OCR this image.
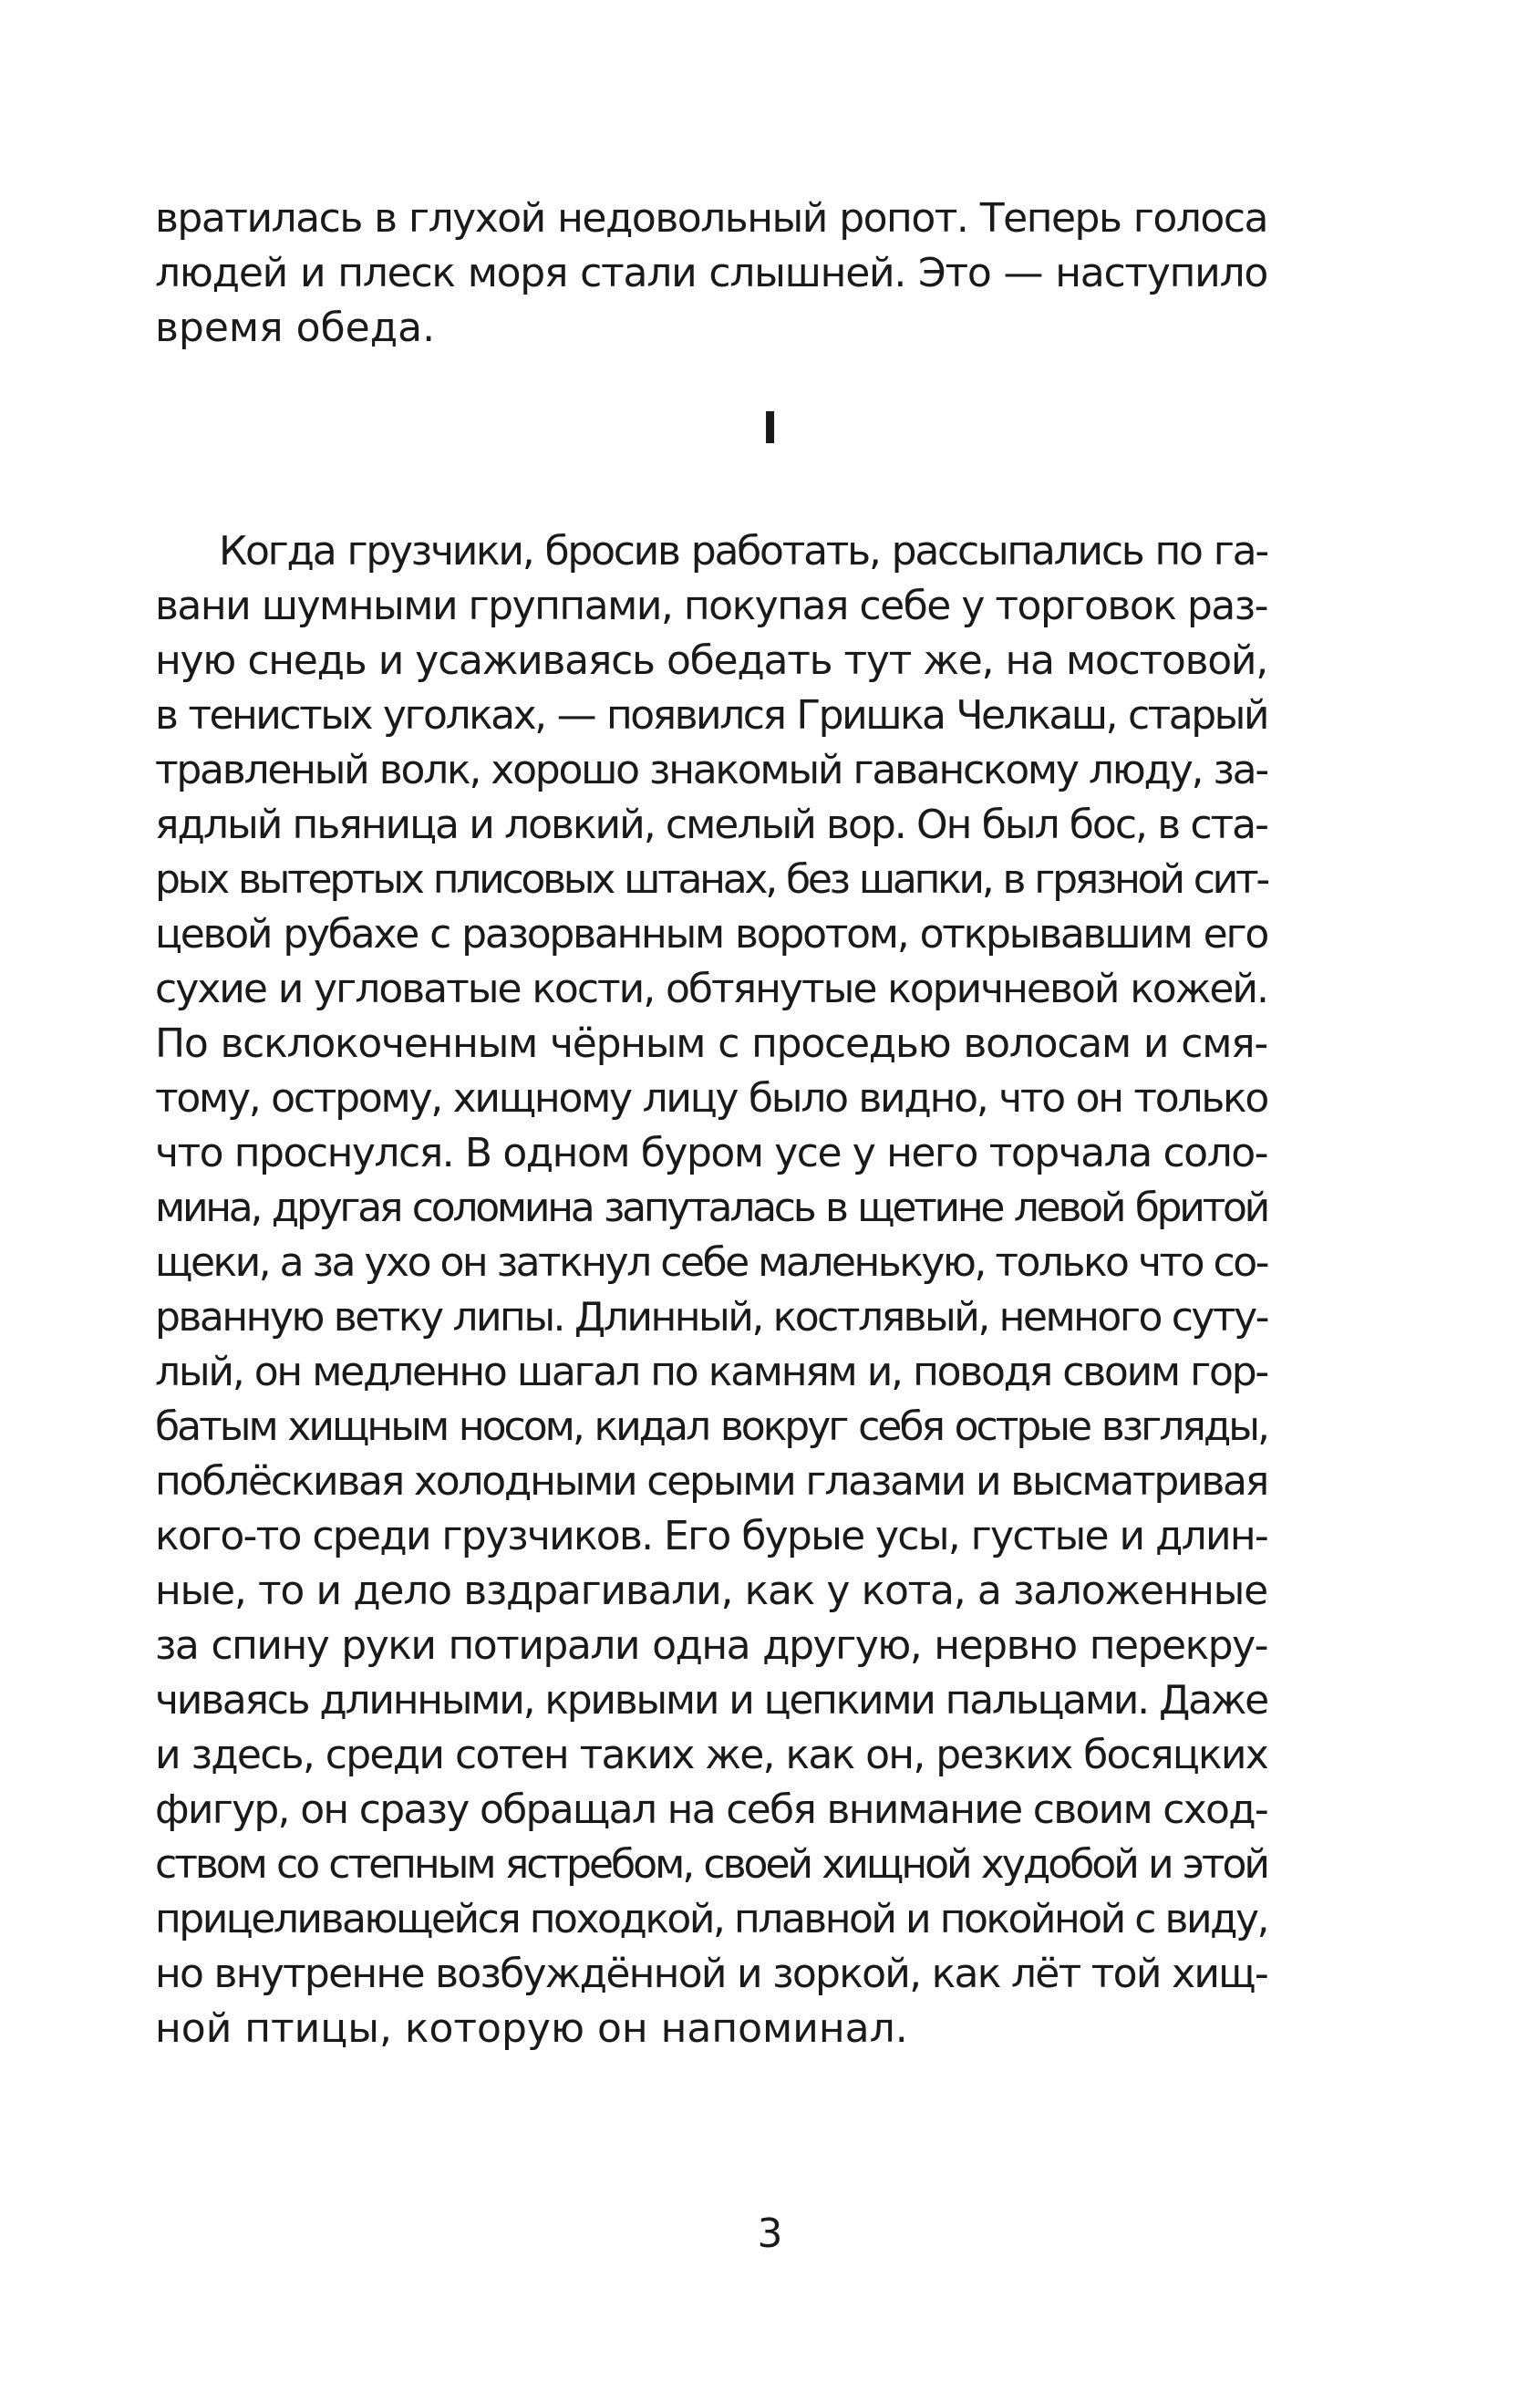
вратилась в глухой недовольный ропот. Теперь голоса
людей и плеск моря стали слышней. Это — наступило
время обеда.
I
Когда грузчики, бросив работать, рассыпались по га-
вани шумными группами, покупая себе у торговок раз-
ную снедь и усаживаясь обедать тут же, на мостовой,
в тенистых уголках, — появился Гришка Челкаш, старый
травленый волк, хорошо знакомый гаванскому люду, за-
ядлый пьяница и ловкий, смелый вор. Он был бос, в ста-
рых вытертых плисовых штанах, без шапки, в грязной сит-
цевой рубахе с разорванным воротом, открывавшим его
сухие и угловатые кости, обтянутые коричневой кожей.
По всклокоченным чёрным с проседью волосам и смя-
тому, острому, хищному лицу было видно, что он только
что проснулся. В одном буром усе у него торчала соло-
мина, другая соломина запуталась в щетине левой бритой
щеки, а за ухо он заткнул себе маленькую, только что со-
рванную ветку липы. Длинный, костлявый, немного суту-
лый, он медленно шагал по камням и, поводя своим гор-
батым хищным носом, кидал вокруг себя острые взгляды,
поблёскивая холодными серыми глазами и высматривая
кого-то среди грузчиков. Его бурые усы, густые и длин-
ные, то и дело вздрагивали, как у кота, а заложенные
за спину руки потирали одна другую, нервно перекру-
чиваясь длинными, кривыми и цепкими пальцами. Даже
и здесь, среди сотен таких же, как он, резких босяцких
фигур, он сразу обращал на себя внимание своим сход-
ством со степным ястребом, своей хищной худобой и этой
прицеливающейся походкой, плавной и покойной с виду,
но внутренне возбуждённой и зоркой, как лёт той хищ-
ной птицы, которую он напоминал.
3
